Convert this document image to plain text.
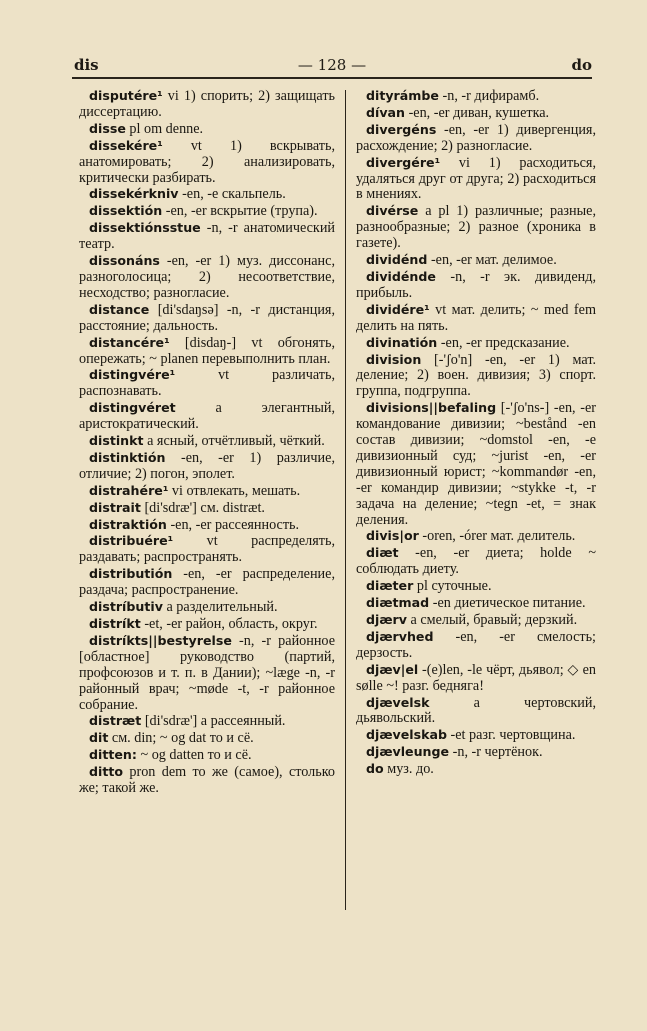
dis	— 128 —	do

disputére¹ vi 1) спорить; 2) защищать диссертацию.

disse pl om denne.

dissekére¹ vt 1) вскрывать, анатомировать; 2) анализировать, критически разбирать.

dissekérkniv -en, -e скальпель.

dissektión -en, -er вскрытие (трупа).

dissektiónsstue -n, -r анатомический театр.

dissonáns -en, -er 1) муз. диссонанс, разноголосица; 2) несоответствие, несходство; разногласие.

distance [di'sdaŋsə] -n, -r дистанция, расстояние; дальность.

distancére¹ [disdaŋ-] vt обгонять, опережать; ~ planen перевыполнить план.

distingvére¹ vt различать, распознавать.

distingvéret a элегантный, аристократический.

distinkt a ясный, отчётливый, чёткий.

distinktión -en, -er 1) различие, отличие; 2) погон, эполет.

distrahére¹ vi отвлекать, мешать.

distrait [di'sdræ'] см. distræt.

distraktión -en, -er рассеянность.

distribuére¹ vt распределять, раздавать; распространять.

distributión -en, -er распределение, раздача; распространение.

distríbutiv a разделительный.

distríkt -et, -er район, область, округ.

distríkts||bestyrelse -n, -r районное [областное] руководство (партий, профсоюзов и т. п. в Дании); ~læge -n, -r районный врач; ~møde -t, -r районное собрание.

distræt [di'sdræ'] a рассеянный.

dit см. din; ~ og dat то и сё.

ditten: ~ og datten то и сё.

ditto pron dem то же (самое), столько же; такой же.

dityrámbe -n, -r дифирамб.

dívan -en, -er диван, кушетка.

divergéns -en, -er 1) дивергенция, расхождение; 2) разногласие.

divergére¹ vi 1) расходиться, удаляться друг от друга; 2) расходиться в мнениях.

divérse a pl 1) различные; разные, разнообразные; 2) разное (хроника в газете).

dividénd -en, -er мат. делимое.

dividénde -n, -r эк. дивиденд, прибыль.

dividére¹ vt мат. делить; ~ med fem делить на пять.

divinatión -en, -er предсказание.

division [-'ʃo'n] -en, -er 1) мат. деление; 2) воен. дивизия; 3) спорт. группа, подгруппа.

divisions||befaling [-'ʃo'ns-] -en, -er командование дивизии; ~bestånd -en состав дивизии; ~domstol -en, -e дивизионный суд; ~jurist -en, -er дивизионный юрист; ~kommandør -en, -er командир дивизии; ~stykke -t, -r задача на деление; ~tegn -et, = знак деления.

divis|or -oren, -órer мат. делитель.

diæt -en, -er диета; holde ~ соблюдать диету.

diæter pl суточные.

diætmad -en диетическое питание.

djærv a смелый, бравый; дерзкий.

djærvhed -en, -er смелость; дерзость.

djæv|el -(e)len, -le чёрт, дьявол; ◇ en sølle ~! разг. бедняга!

djævelsk a чертовский, дьявольский.

djævelskab -et разг. чертовщина.

djævleunge -n, -r чертёнок.

do муз. до.
